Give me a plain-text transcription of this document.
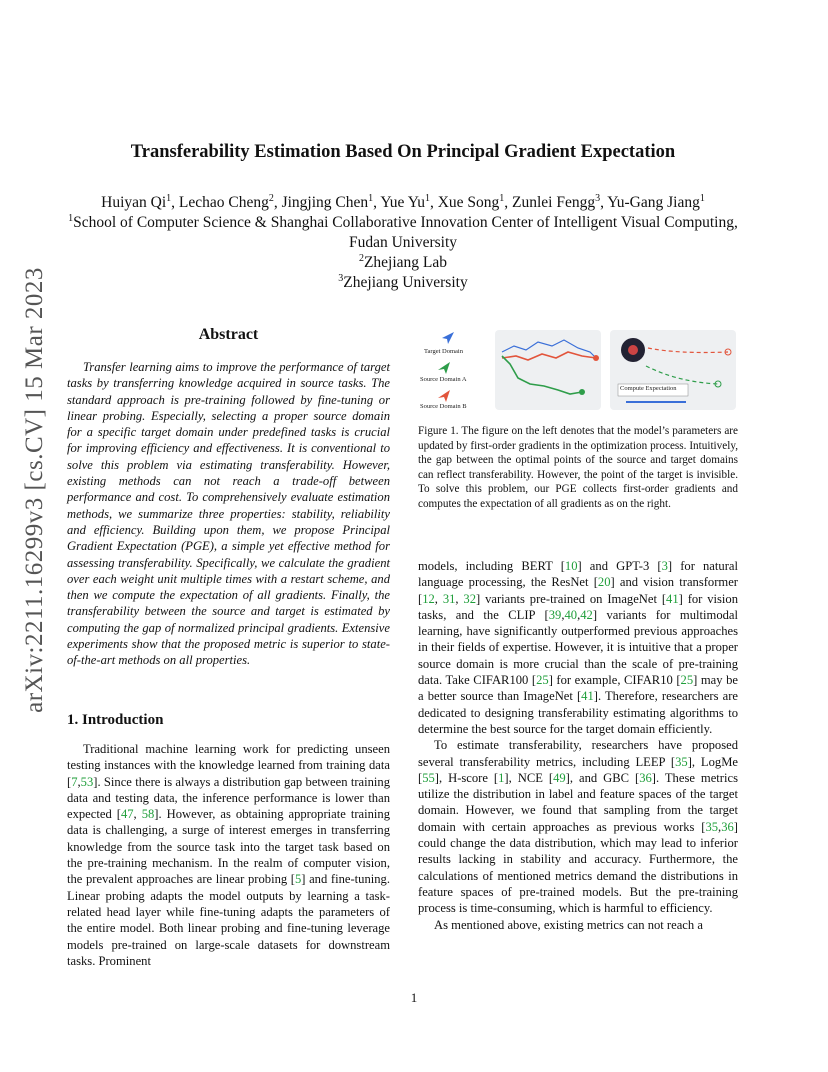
arXiv:2211.16299v3 [cs.CV] 15 Mar 2023
Transferability Estimation Based On Principal Gradient Expectation
Huiyan Qi$^1$, Lechao Cheng$^2$, Jingjing Chen$^1$, Yue Yu$^1$, Xue Song$^1$, Zunlei Fengg$^3$, Yu-Gang Jiang$^1$
$^1$School of Computer Science & Shanghai Collaborative Innovation Center of Intelligent Visual Computing,
Fudan University
$^2$Zhejiang Lab
$^3$Zhejiang University
Abstract

Transfer learning aims to improve the performance of target tasks by transferring knowledge acquired in source tasks. The standard approach is pre-training followed by fine-tuning or linear probing. Especially, selecting a proper source domain for a specific target domain under predefined tasks is crucial for improving efficiency and effectiveness. It is conventional to solve this problem via estimating transferability. However, existing methods can not reach a trade-off between performance and cost. To comprehensively evaluate estimation methods, we summarize three properties: stability, reliability and efficiency. Building upon them, we propose Principal Gradient Expectation (PGE), a simple yet effective method for assessing transferability. Specifically, we calculate the gradient over each weight unit multiple times with a restart scheme, and then we compute the expectation of all gradients. Finally, the transferability between the source and target is estimated by computing the gap of normalized principal gradients. Extensive experiments show that the proposed metric is superior to state-of-the-art methods on all properties.

1. Introduction

Traditional machine learning work for predicting unseen testing instances with the knowledge learned from training data [7,53]. Since there is always a distribution gap between training data and testing data, the inference performance is lower than expected [47, 58]. However, as obtaining appropriate training data is challenging, a surge of interest emerges in transferring knowledge from the source task into the target task based on the pre-training mechanism. In the realm of computer vision, the prevalent approaches are linear probing [5] and fine-tuning. Linear probing adapts the model outputs by learning a task-related head layer while fine-tuning adapts the parameters of the entire model. Both linear probing and fine-tuning leverage models pre-trained on large-scale datasets for downstream tasks. Prominent

Target Domain
Source Domain A
Source Domain B
Compute Expectation
Figure 1. The figure on the left denotes that the model’s parameters are updated by first-order gradients in the optimization process. Intuitively, the gap between the optimal points of the source and target domains can reflect transferability. However, the point of the target is invisible. To solve this problem, our PGE collects first-order gradients and computes the expectation of all gradients as on the right.

models, including BERT [10] and GPT-3 [3] for natural language processing, the ResNet [20] and vision transformer [12, 31, 32] variants pre-trained on ImageNet [41] for vision tasks, and the CLIP [39,40,42] variants for multimodal learning, have significantly outperformed previous approaches in their fields of expertise. However, it is intuitive that a proper source domain is more crucial than the scale of pre-training data. Take CIFAR100 [25] for example, CIFAR10 [25] may be a better source than ImageNet [41]. Therefore, researchers are dedicated to designing transferability estimating algorithms to determine the best source for the target domain efficiently.

To estimate transferability, researchers have proposed several transferability metrics, including LEEP [35], LogMe [55], H-score [1], NCE [49], and GBC [36]. These metrics utilize the distribution in label and feature spaces of the target domain. However, we found that sampling from the target domain with certain approaches as previous works [35,36] could change the data distribution, which may lead to inferior results lacking in stability and accuracy. Furthermore, the calculations of mentioned metrics demand the distributions in feature spaces of pre-trained models. But the pre-training process is time-consuming, which is harmful to efficiency.

As mentioned above, existing metrics can not reach a

1
